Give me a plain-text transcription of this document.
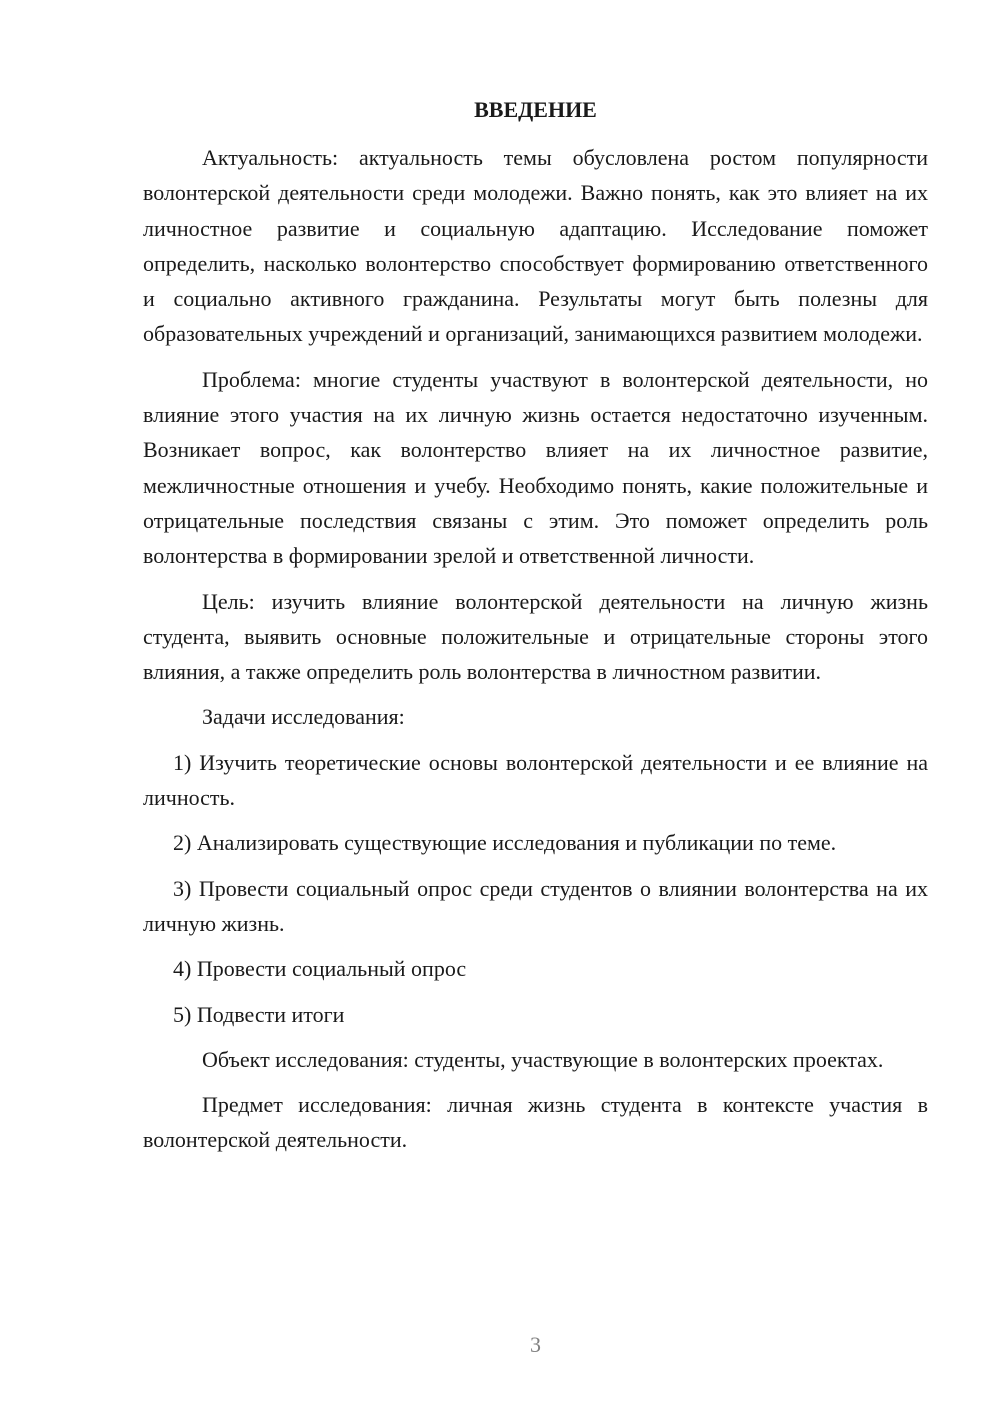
ВВЕДЕНИЕ

Актуальность: актуальность темы обусловлена ростом популярности волонтерской деятельности среди молодежи. Важно понять, как это влияет на их личностное развитие и социальную адаптацию. Исследование поможет определить, насколько волонтерство способствует формированию ответственного и социально активного гражданина. Результаты могут быть полезны для образовательных учреждений и организаций, занимающихся развитием молодежи.

Проблема: многие студенты участвуют в волонтерской деятельности, но влияние этого участия на их личную жизнь остается недостаточно изученным. Возникает вопрос, как волонтерство влияет на их личностное развитие, межличностные отношения и учебу. Необходимо понять, какие положительные и отрицательные последствия связаны с этим. Это поможет определить роль волонтерства в формировании зрелой и ответственной личности.

Цель: изучить влияние волонтерской деятельности на личную жизнь студента, выявить основные положительные и отрицательные стороны этого влияния, а также определить роль волонтерства в личностном развитии.

Задачи исследования:

1) Изучить теоретические основы волонтерской деятельности и ее влияние на личность.

2) Анализировать существующие исследования и публикации по теме.

3) Провести социальный опрос среди студентов о влиянии волонтерства на их личную жизнь.

4) Провести социальный опрос

5) Подвести итоги

Объект исследования: студенты, участвующие в волонтерских проектах.

Предмет исследования: личная жизнь студента в контексте участия в волонтерской деятельности.

3
